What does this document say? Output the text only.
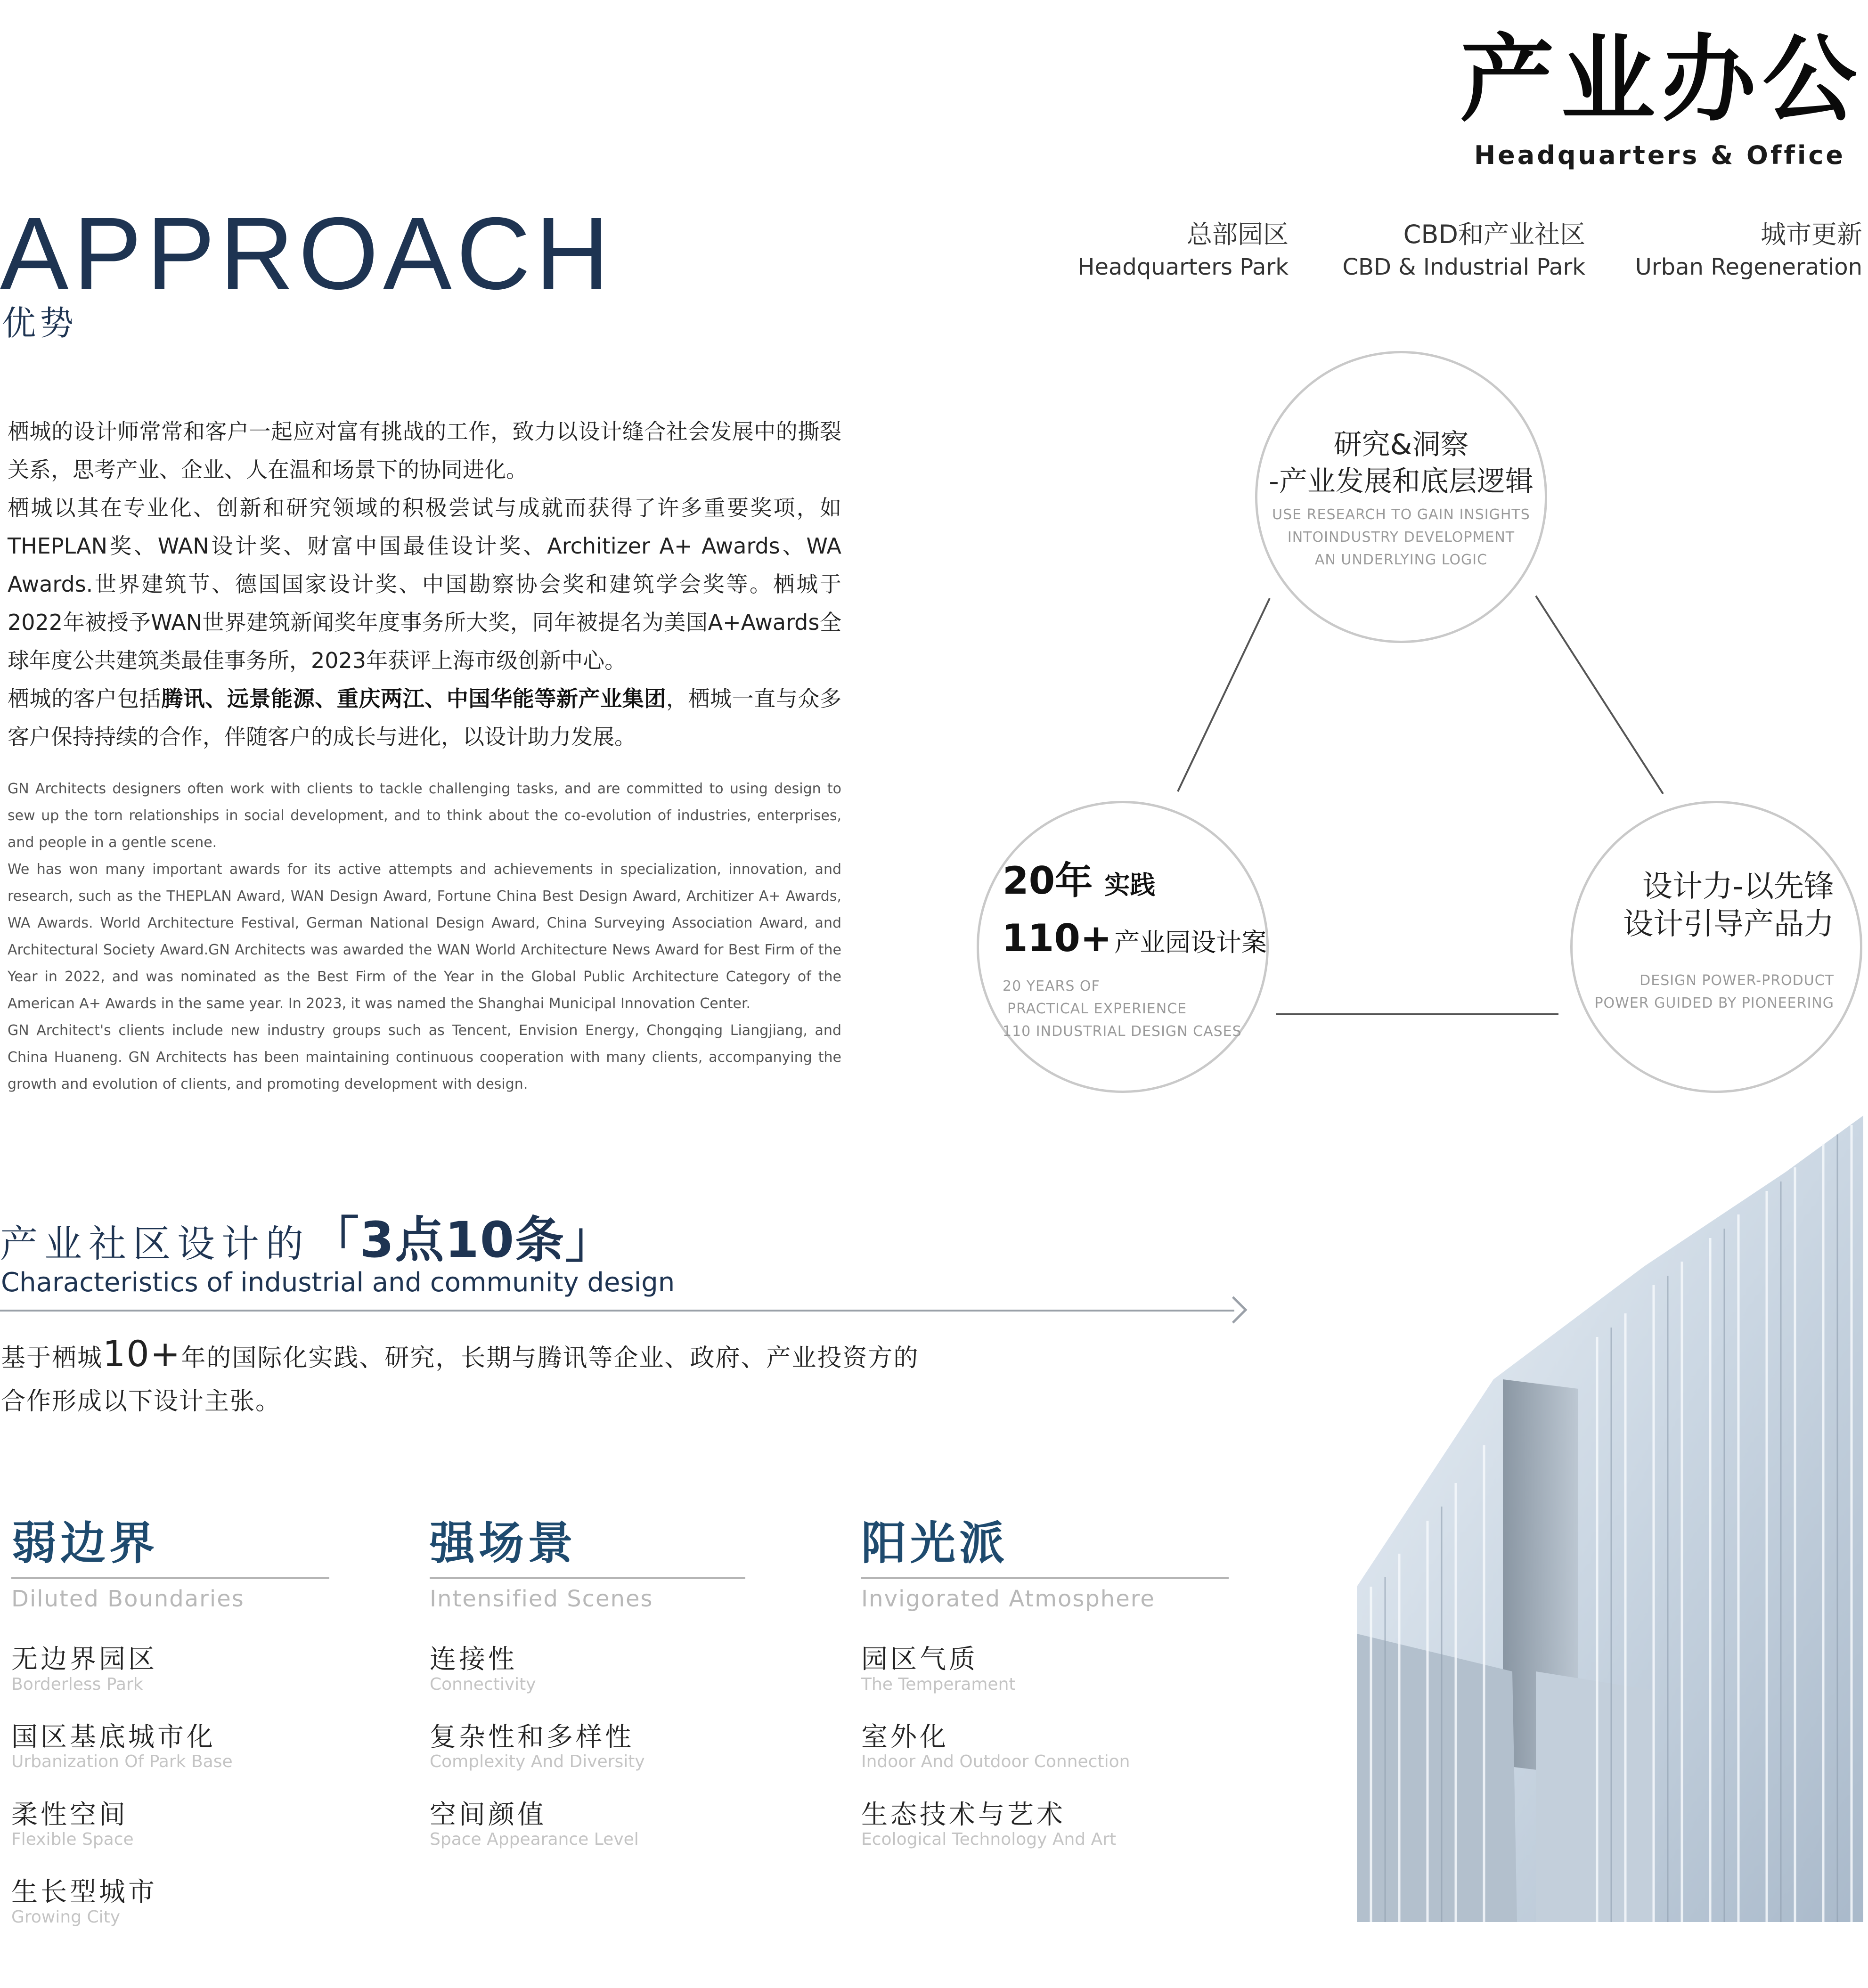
产业办公
Headquarters & Office
总部园区
Headquarters Park
CBD和产业社区
CBD & Industrial Park
城市更新
Urban Regeneration
APPROACH
优势

栖城的设计师常常和客户一起应对富有挑战的工作，致力以设计缝合社会发展中的撕裂关系，思考产业、企业、人在温和场景下的协同进化。

栖城以其在专业化、创新和研究领域的积极尝试与成就而获得了许多重要奖项，如THEPLAN奖、WAN设计奖、财富中国最佳设计奖、Architizer A+ Awards、WA Awards.世界建筑节、德国国家设计奖、中国勘察协会奖和建筑学会奖等。栖城于2022年被授予WAN世界建筑新闻奖年度事务所大奖，同年被提名为美国A+Awards全球年度公共建筑类最佳事务所，2023年获评上海市级创新中心。

栖城的客户包括腾讯、远景能源、重庆两江、中国华能等新产业集团，栖城一直与众多客户保持持续的合作，伴随客户的成长与进化，以设计助力发展。

GN Architects designers often work with clients to tackle challenging tasks, and are committed to using design to sew up the torn relationships in social development, and to think about the co-evolution of industries, enterprises, and people in a gentle scene.

We has won many important awards for its active attempts and achievements in specialization, innovation, and research, such as the THEPLAN Award, WAN Design Award, Fortune China Best Design Award, Architizer A+ Awards, WA Awards. World Architecture Festival, German National Design Award, China Surveying Association Award, and Architectural Society Award.GN Architects was awarded the WAN World Architecture News Award for Best Firm of the Year in 2022, and was nominated as the Best Firm of the Year in the Global Public Architecture Category of the American A+ Awards in the same year. In 2023, it was named the Shanghai Municipal Innovation Center.

GN Architect's clients include new industry groups such as Tencent, Envision Energy, Chongqing Liangjiang, and China Huaneng. GN Architects has been maintaining continuous cooperation with many clients, accompanying the growth and evolution of clients, and promoting development with design.

研究&洞察
-产业发展和底层逻辑
USE RESEARCH TO GAIN INSIGHTS
INTOINDUSTRY DEVELOPMENT
AN UNDERLYING LOGIC
20年 实践
110+ 产业园设计案
20 YEARS OF
PRACTICAL EXPERIENCE
110 INDUSTRIAL DESIGN CASES
设计力-以先锋
设计引导产品力
DESIGN POWER-PRODUCT
POWER GUIDED BY PIONEERING
产业社区设计的「3点10条」
Characteristics of industrial and community design
基于栖城10+年的国际化实践、研究，长期与腾讯等企业、政府、产业投资方的合作形成以下设计主张。
弱边界
Diluted Boundaries
无边界园区
Borderless Park
国区基底城市化
Urbanization Of Park Base
柔性空间
Flexible Space
生长型城市
Growing City
强场景
Intensified Scenes
连接性
Connectivity
复杂性和多样性
Complexity And Diversity
空间颜值
Space Appearance Level
阳光派
Invigorated Atmosphere
园区气质
The Temperament
室外化
Indoor And Outdoor Connection
生态技术与艺术
Ecological Technology And Art
